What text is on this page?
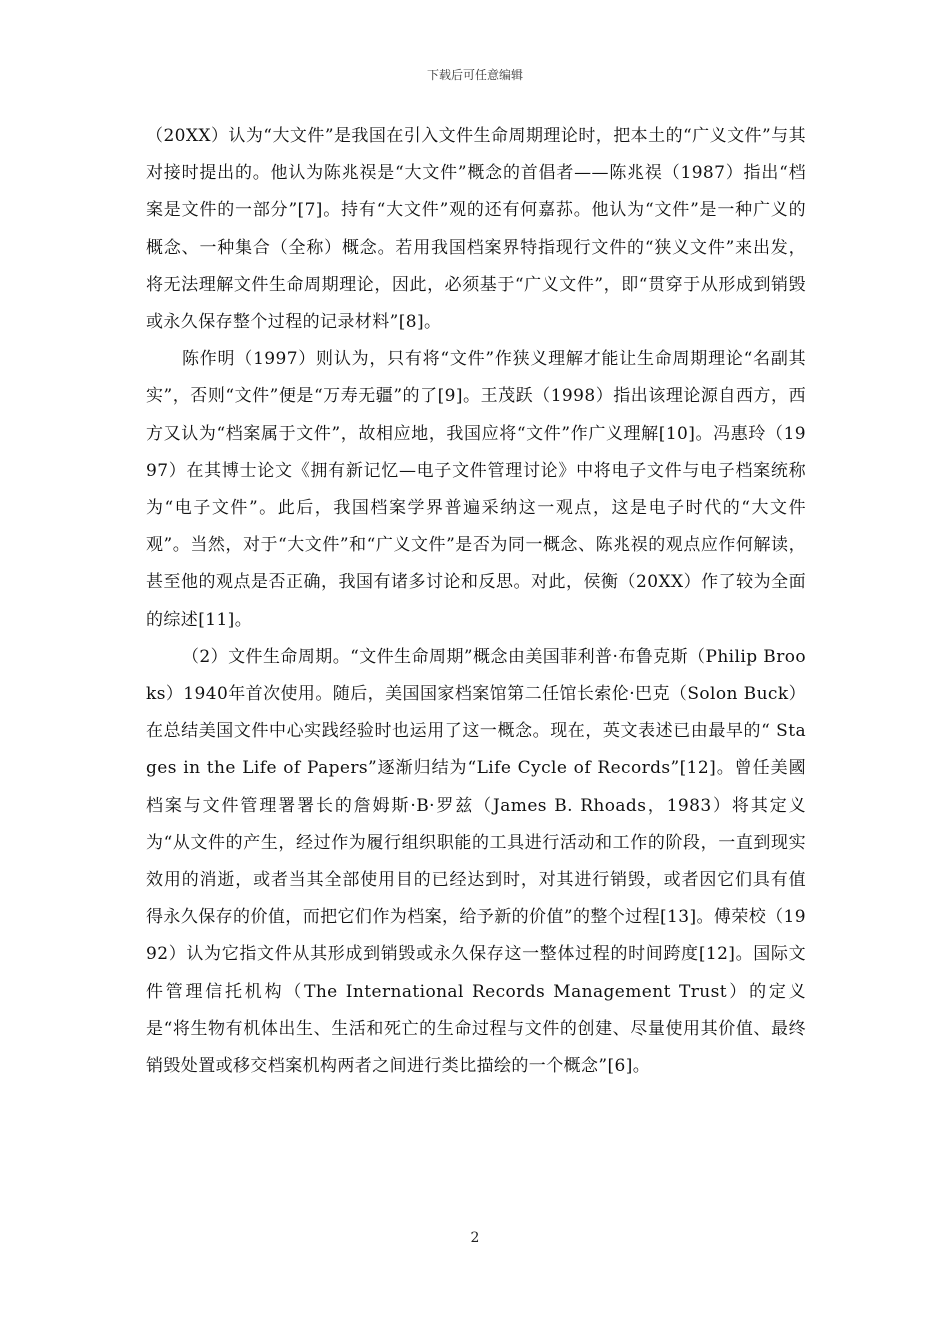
下载后可任意编辑

（20XX）认为“大文件”是我国在引入文件生命周期理论时，把本土的“广义文件”与其对接时提出的。他认为陈兆祦是“大文件”概念的首倡者——陈兆祦（1987）指出“档案是文件的一部分”[7]。持有“大文件”观的还有何嘉荪。他认为“文件”是一种广义的概念、一种集合（全称）概念。若用我国档案界特指现行文件的“狭义文件”来出发，将无法理解文件生命周期理论，因此，必须基于“广义文件”，即“贯穿于从形成到销毁或永久保存整个过程的记录材料”[8]。

陈作明（1997）则认为，只有将“文件”作狭义理解才能让生命周期理论“名副其实”，否则“文件”便是“万寿无疆”的了[9]。王茂跃（1998）指出该理论源自西方，西方又认为“档案属于文件”，故相应地，我国应将“文件”作广义理解[10]。冯惠玲（1997）在其博士论文《拥有新记忆—电子文件管理讨论》中将电子文件与电子档案统称为“电子文件”。此后，我国档案学界普遍采纳这一观点，这是电子时代的“大文件观”。当然，对于“大文件”和“广义文件”是否为同一概念、陈兆祦的观点应作何解读，甚至他的观点是否正确，我国有诸多讨论和反思。对此，侯衡（20XX）作了较为全面的综述[11]。

（2）文件生命周期。“文件生命周期”概念由美国菲利普·布鲁克斯（Philip Brooks）1940年首次使用。随后，美国国家档案馆第二任馆长索伦·巴克（Solon Buck）在总结美国文件中心实践经验时也运用了这一概念。现在，英文表述已由最早的“ Stages in the Life of Papers”逐渐归结为“Life Cycle of Records”[12]。曾任美國档案与文件管理署署长的詹姆斯·B·罗兹（James B. Rhoads，1983）将其定义为“从文件的产生，经过作为履行组织职能的工具进行活动和工作的阶段，一直到现实效用的消逝，或者当其全部使用目的已经达到时，对其进行销毁，或者因它们具有值得永久保存的价值，而把它们作为档案，给予新的价值”的整个过程[13]。傅荣校（1992）认为它指文件从其形成到销毁或永久保存这一整体过程的时间跨度[12]。国际文件管理信托机构（The International Records Management Trust）的定义是“将生物有机体出生、生活和死亡的生命过程与文件的创建、尽量使用其价值、最终销毁处置或移交档案机构两者之间进行类比描绘的一个概念”[6]。

2
